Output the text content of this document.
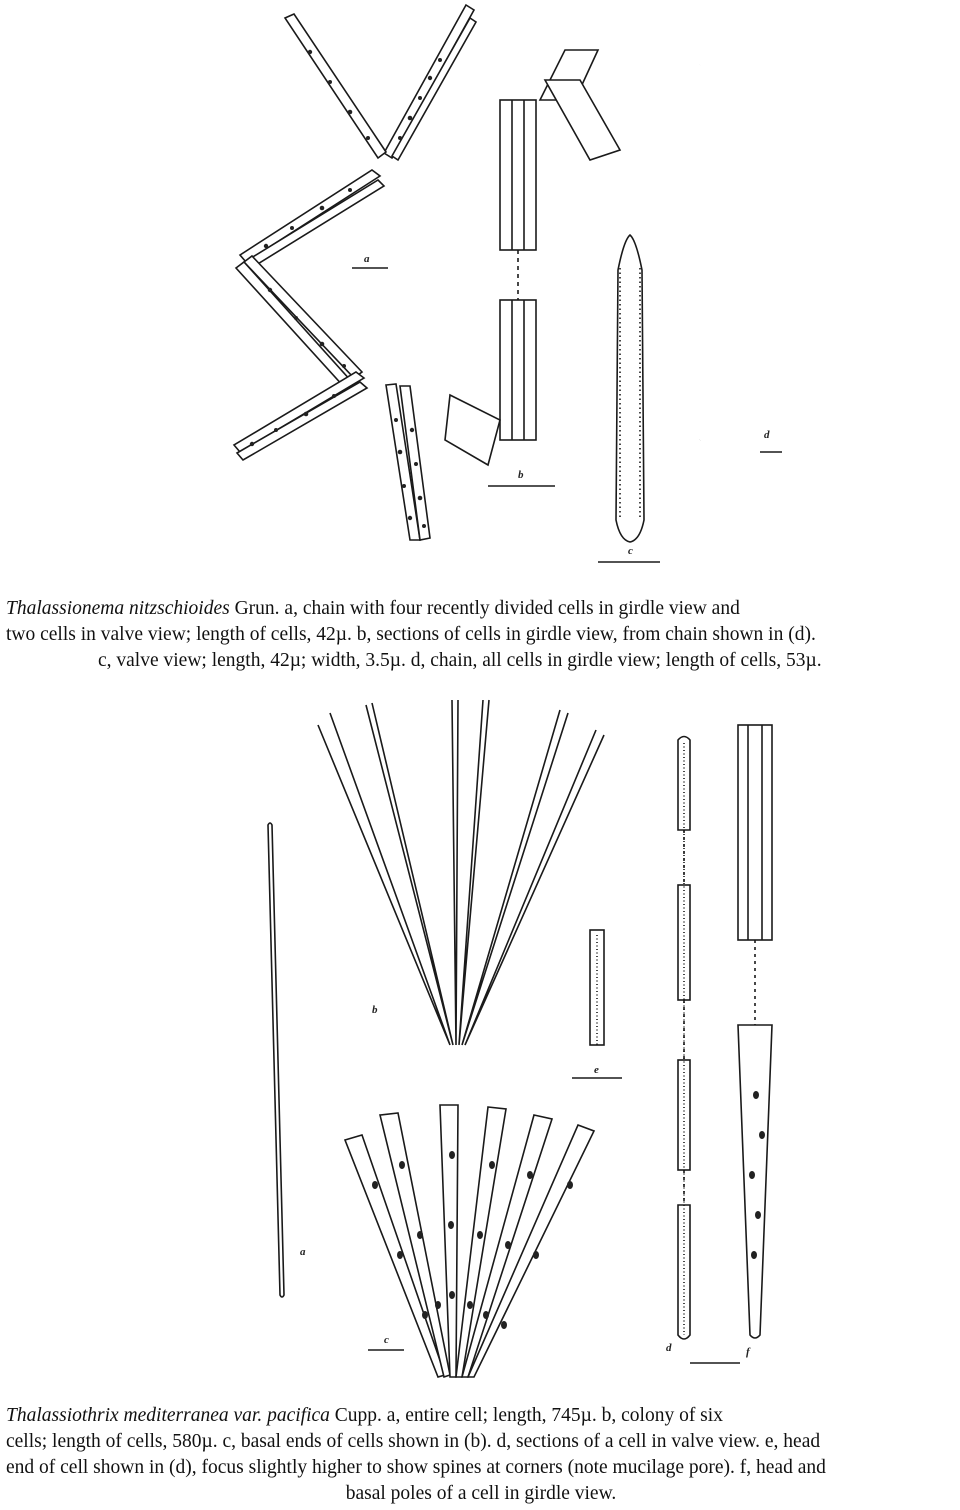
a
b
c
d
Thalassionema nitzschioides Grun. a, chain with four recently divided cells in girdle view and
two cells in valve view; length of cells, 42µ. b, sections of cells in girdle view, from chain shown in (d).
c, valve view; length, 42µ; width, 3.5µ. d, chain, all cells in girdle view; length of cells, 53µ.
a
b
c
e
d	f
Thalassiothrix mediterranea var. pacifica Cupp. a, entire cell; length, 745µ. b, colony of six
cells; length of cells, 580µ. c, basal ends of cells shown in (b). d, sections of a cell in valve view. e, head
end of cell shown in (d), focus slightly higher to show spines at corners (note mucilage pore). f, head and
basal poles of a cell in girdle view.
